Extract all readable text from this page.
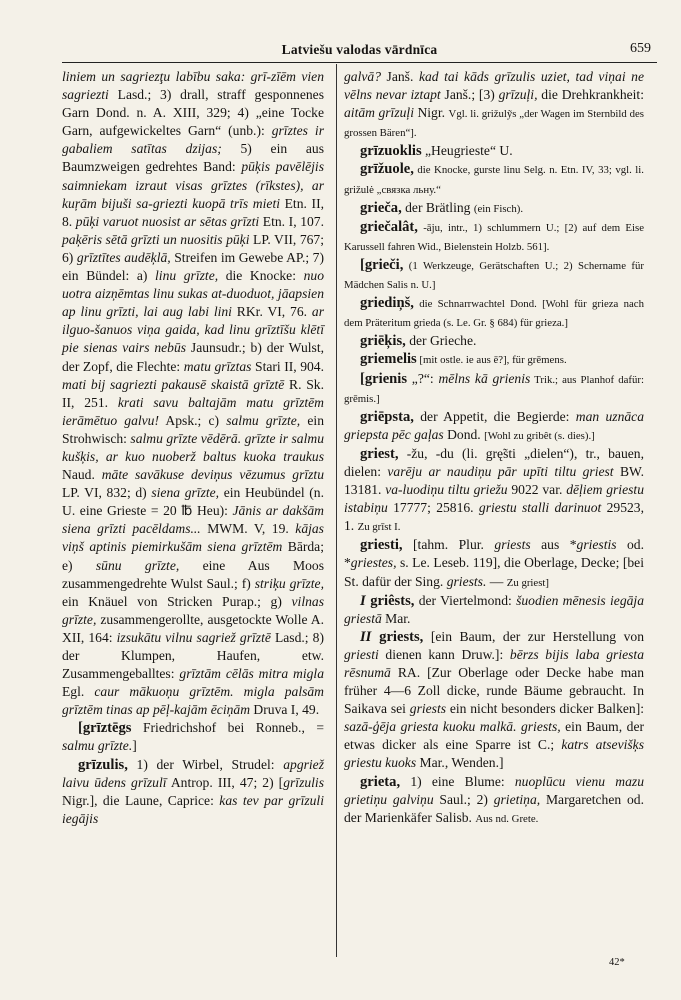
Latviešu valodas vārdnīca	659

liniem un sagriezţu labību saka: grī-zīēm vien sagriezti Lasd.; 3) drall, straff gesponnenes Garn Dond. n. A. XIII, 329; 4) „eine Tocke Garn, aufgewickeltes Garn“ (unb.): grīztes ir gabaliem satītas dzijas; 5) ein aus Baumzweigen gedrehtes Band: pūķis pavēlējis saimniekam izraut visas grīztes (rīkstes), ar kuŗām bijuši sa-griezti kuopā trīs mieti Etn. II, 8. pūķi varuot nuosist ar sētas grīzti Etn. I, 107. paķēris sētā grīzti un nuositis pūķi LP. VII, 767; 6) grīztītes audēķlā, Streifen im Gewebe AP.; 7) ein Bündel: a) linu grīzte, die Knocke: nuo uotra aizņēmtas linu sukas at-duoduot, jāapsien ap linu grīzti, lai aug labi lini RKr. VI, 76. ar ilguo-šanuos viņa gaida, kad linu grīztīšu klētī pie sienas vairs nebūs Jaunsudr.; b) der Wulst, der Zopf, die Flechte: matu grīztas Stari II, 904. mati bij sagriezti pakausē skaistā grīztē R. Sk. II, 251. krati savu baltajām matu grīztēm ierāmētuo galvu! Apsk.; c) salmu grīzte, ein Strohwisch: salmu grīzte vēdērā. grīzte ir salmu kušķis, ar kuo nuoberž baltus kuoka traukus Naud. māte savākuse deviņus vēzumus grīztu LP. VI, 832; d) siena grīzte, ein Heubündel (n. U. eine Grieste = 20 ℔ Heu): Jānis ar dakšām siena grīzti pacēldams... MWM. V, 19. kājas viņš aptinis piemirkušām siena grīztēm Bārda; e) sūnu grīzte, eine Aus Moos zusammengedrehte Wulst Saul.; f) striķu grīzte, ein Knäuel von Stricken Purap.; g) vilnas grīzte, zusammengerollte, ausgetockte Wolle A. XII, 164: izsukātu vilnu sagriež grīztē Lasd.; 8) der Klumpen, Haufen, etw. Zusammengeballtes: grīztām cēlās mitra migla Egl. caur mākuoņu grīztēm. migla palsām grīztēm tinas ap pēļ-kajām ēciņām Druva I, 49.

[grīztēgs Friedrichshof bei Ronneb., = salmu grīzte.]

grīzulis, 1) der Wirbel, Strudel: apgriež laivu ūdens grīzulī Antrop. III, 47; 2) [grīzulis Nigr.], die Laune, Caprice: kas tev par grīzuli iegājis

galvā? Janš. kad tai kāds grīzulis uziet, tad viņai ne vēlns nevar iztapt Janš.; [3) grīzuļi, die Drehkrankheit: aitām grīzuļi Nigr. Vgl. li. grižulỹs „der Wagen im Sternbild des grossen Bären“].

grīzuoklis „Heugrieste“ U.

grīžuole, die Knocke, gurste linu Selg. n. Etn. IV, 33; vgl. li. grižulė „связка льну.“

grieča, der Brätling (ein Fisch).

griečalât, -āju, intr., 1) schlummern U.; [2) auf dem Eise Karussell fahren Wid., Bielenstein Holzb. 561].

[grieči, (1 Werkzeuge, Gerätschaften U.; 2) Schername für Mädchen Salis n. U.]

griediņš, die Schnarrwachtel Dond. [Wohl für grieza nach dem Präteritum grieda (s. Le. Gr. § 684) für grieza.]

griēķis, der Grieche.

griemelis [mit ostle. ie aus ē?], für grēmens.

[grienis „?“: mēlns kā grienis Trik.; aus Planhof dafür: grēmis.]

griēpsta, der Appetit, die Begierde: man uznāca griepsta pēc gaļas Dond. [Wohl zu gribêt (s. dies).]

griest, -žu, -du (li. grę̃sti „dielen“), tr., bauen, dielen: varēju ar naudiņu pār upīti tiltu griest BW. 13181. va-luodiņu tiltu griežu 9022 var. dēļiem griestu istabiņu 17777; 25816. griestu stalli darinuot 29523, 1. Zu grīst I.

griesti, [tahm. Plur. griests aus *griestis od. *griestes, s. Le. Leseb. 119], die Oberlage, Decke; [bei St. dafür der Sing. griests. — Zu griest]

I griêsts, der Viertelmond: šuodien mēnesis iegāja griestā Mar.

II griests, [ein Baum, der zur Herstellung von griesti dienen kann Druw.]: bērzs bijis laba griesta rēsnumā RA. [Zur Oberlage oder Decke habe man früher 4—6 Zoll dicke, runde Bäume gebraucht. In Saikava sei griests ein nicht besonders dicker Balken]: sazā-ģēja griesta kuoku malkā. griests, ein Baum, der etwas dicker als eine Sparre ist C.; katrs atsevišķs griestu kuoks Mar., Wenden.]

grieta, 1) eine Blume: nuoplūcu vienu mazu grietiņu galviņu Saul.; 2) grietiņa, Margaretchen od. der Marienkäfer Salisb. Aus nd. Grete.

42*
